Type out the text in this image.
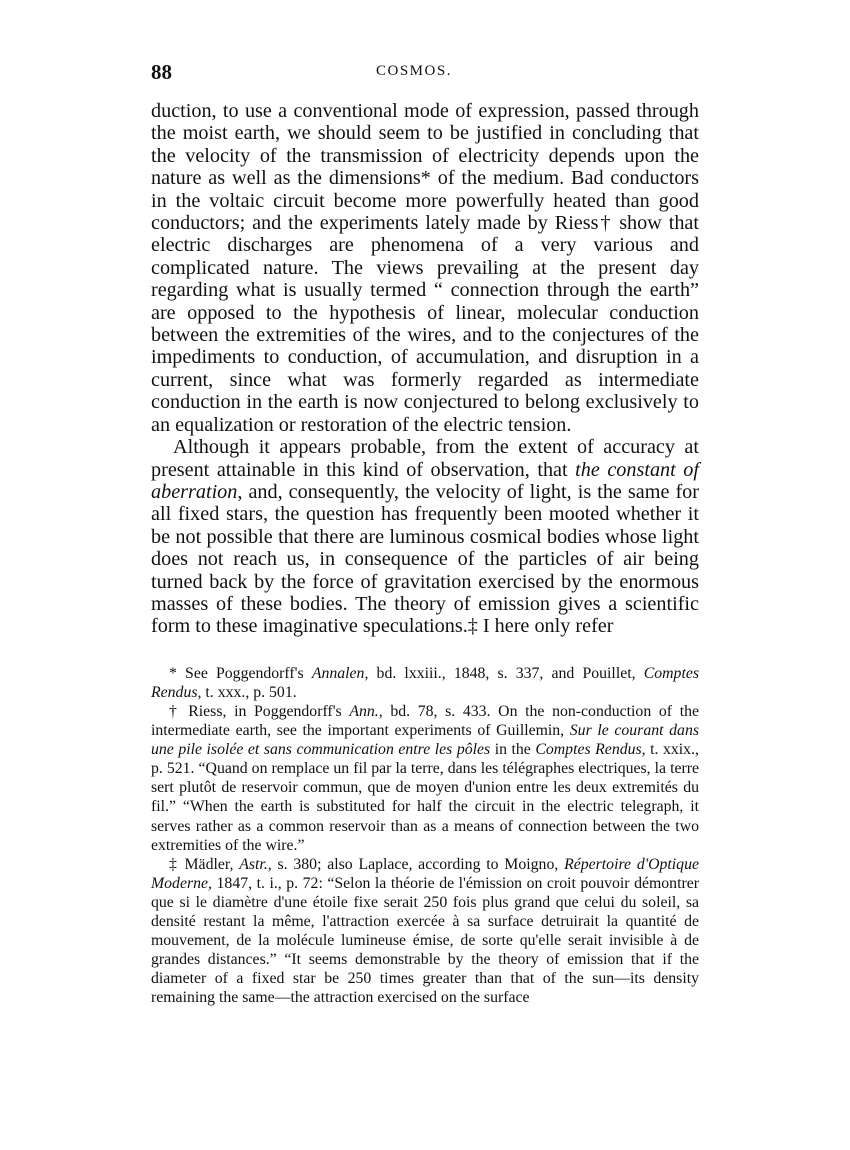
88	COSMOS.

duction, to use a conventional mode of expression, passed through the moist earth, we should seem to be justified in concluding that the velocity of the transmission of electricity depends upon the nature as well as the dimensions* of the medium. Bad conductors in the voltaic circuit become more powerfully heated than good conductors; and the experiments lately made by Riess† show that electric discharges are phenomena of a very various and complicated nature. The views prevailing at the present day regarding what is usually termed “ connection through the earth” are opposed to the hypothesis of linear, molecular conduction between the extremities of the wires, and to the conjectures of the impediments to conduction, of accumulation, and disruption in a current, since what was formerly regarded as intermediate conduction in the earth is now conjectured to belong exclusively to an equalization or restoration of the electric tension.

Although it appears probable, from the extent of accuracy at present attainable in this kind of observation, that the constant of aberration, and, consequently, the velocity of light, is the same for all fixed stars, the question has frequently been mooted whether it be not possible that there are luminous cosmical bodies whose light does not reach us, in consequence of the particles of air being turned back by the force of gravitation exercised by the enormous masses of these bodies. The theory of emission gives a scientific form to these imaginative speculations.‡ I here only refer

* See Poggendorff's Annalen, bd. lxxiii., 1848, s. 337, and Pouillet, Comptes Rendus, t. xxx., p. 501.

† Riess, in Poggendorff's Ann., bd. 78, s. 433. On the non-conduction of the intermediate earth, see the important experiments of Guillemin, Sur le courant dans une pile isolée et sans communication entre les pôles in the Comptes Rendus, t. xxix., p. 521. “Quand on remplace un fil par la terre, dans les télégraphes electriques, la terre sert plutôt de reservoir commun, que de moyen d'union entre les deux extremités du fil.” “When the earth is substituted for half the circuit in the electric telegraph, it serves rather as a common reservoir than as a means of connection between the two extremities of the wire.”

‡ Mädler, Astr., s. 380; also Laplace, according to Moigno, Répertoire d'Optique Moderne, 1847, t. i., p. 72: “Selon la théorie de l'émission on croit pouvoir démontrer que si le diamètre d'une étoile fixe serait 250 fois plus grand que celui du soleil, sa densité restant la même, l'attraction exercée à sa surface detruirait la quantité de mouvement, de la molécule lumineuse émise, de sorte qu'elle serait invisible à de grandes distances.” “It seems demonstrable by the theory of emission that if the diameter of a fixed star be 250 times greater than that of the sun—its density remaining the same—the attraction exercised on the surface
